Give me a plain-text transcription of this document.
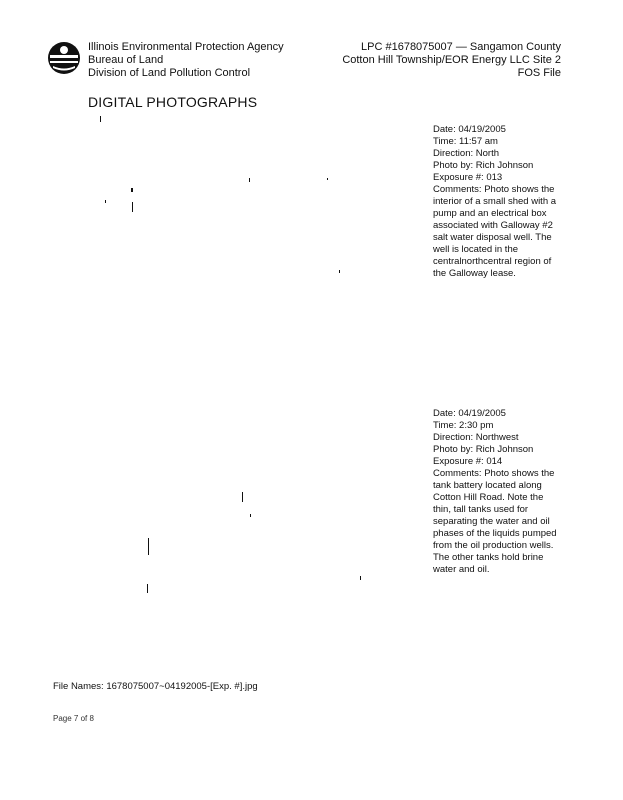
Illinois Environmental Protection Agency
Bureau of Land
Division of Land Pollution Control
LPC #1678075007 — Sangamon County
Cotton Hill Township/EOR Energy LLC Site 2
FOS File
DIGITAL PHOTOGRAPHS
Date: 04/19/2005
Time: 11:57 am
Direction: North
Photo by: Rich Johnson
Exposure #: 013
Comments: Photo shows the interior of a small shed with a pump and an electrical box associated with Galloway #2 salt water disposal well. The well is located in the centralnorthcentral region of the Galloway lease.
Date: 04/19/2005
Time: 2:30 pm
Direction: Northwest
Photo by: Rich Johnson
Exposure #: 014
Comments: Photo shows the tank battery located along Cotton Hill Road. Note the thin, tall tanks used for separating the water and oil phases of the liquids pumped from the oil production wells. The other tanks hold brine water and oil.
File Names: 1678075007~04192005-[Exp. #].jpg
Page 7 of 8
